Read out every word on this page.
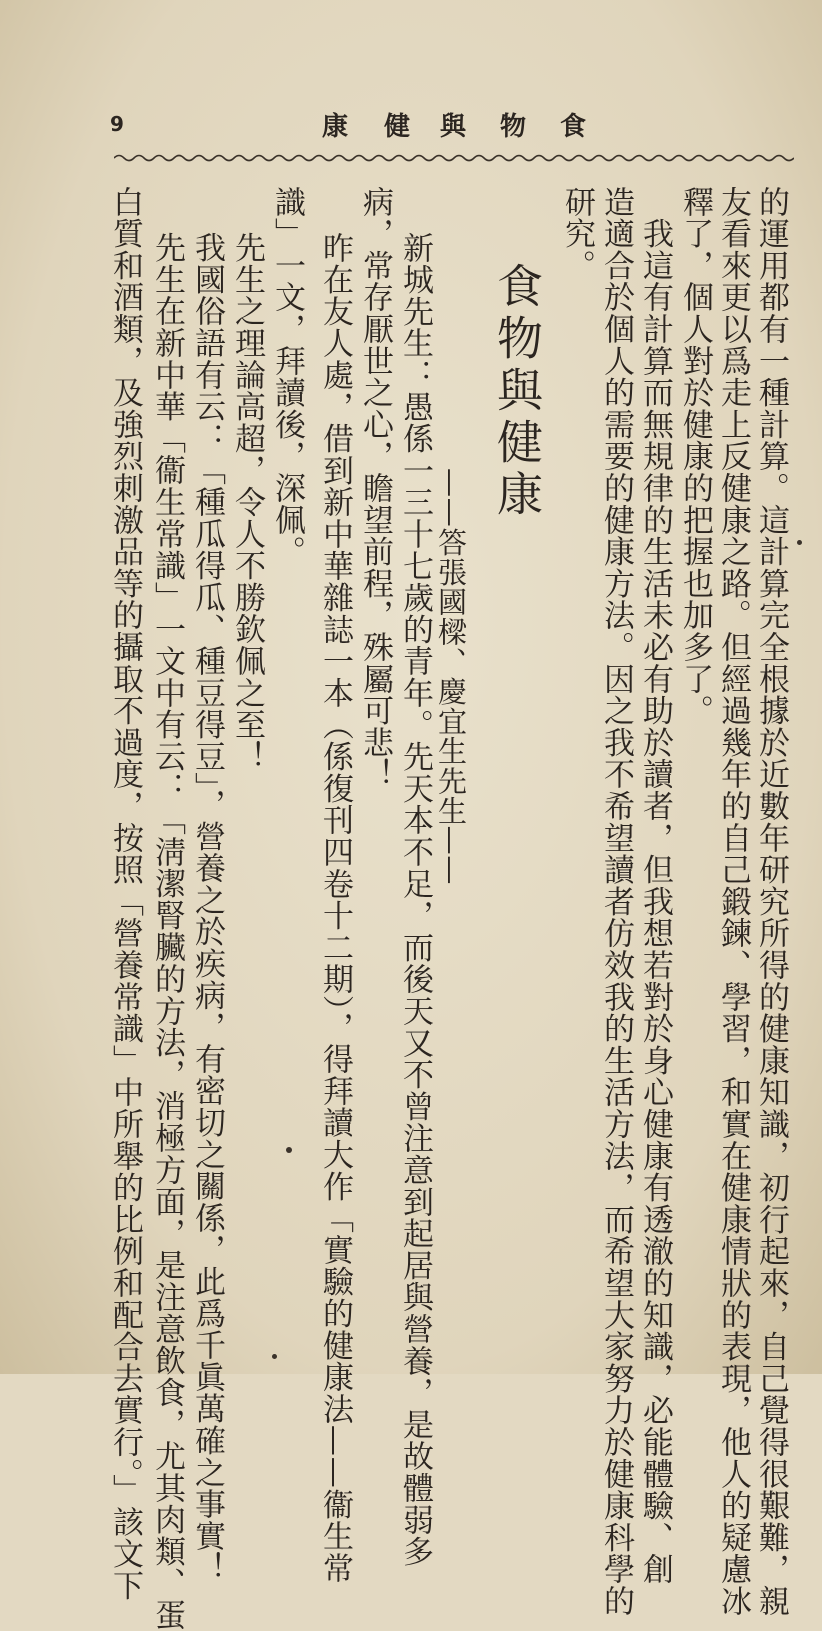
9	康 健 與 物 食
的運用都有一種計算。這計算完全根據於近數年研究所得的健康知識，初行起來，自己覺得很艱難，親
友看來更以爲走上反健康之路。但經過幾年的自己鍛鍊、學習，和實在健康情狀的表現，他人的疑慮冰
釋了，個人對於健康的把握也加多了。
　我這有計算而無規律的生活未必有助於讀者，但我想若對於身心健康有透澈的知識，必能體驗、創
造適合於個人的需要的健康方法。因之我不希望讀者仿效我的生活方法，而希望大家努力於健康科學的
研究。
食物與健康
——答張國樑、慶宜生先生——
新城先生：愚係一三十七歲的青年。先天本不足，而後天又不曾注意到起居與營養，是故體弱多
病，常存厭世之心，瞻望前程，殊屬可悲！
昨在友人處，借到新中華雜誌一本（係復刊四卷十二期），得拜讀大作「實驗的健康法——衞生常
識」一文，拜讀後，深佩。
　先生之理論高超，令人不勝欽佩之至！
　我國俗語有云：「種瓜得瓜、種豆得豆」，營養之於疾病，有密切之關係，此爲千眞萬確之事實！
　先生在新中華「衞生常識」一文中有云：「淸潔腎臟的方法，消極方面，是注意飲食，尤其肉類、蛋
白質和酒類，及強烈刺激品等的攝取不過度，按照「營養常識」中所舉的比例和配合去實行。」該文下
